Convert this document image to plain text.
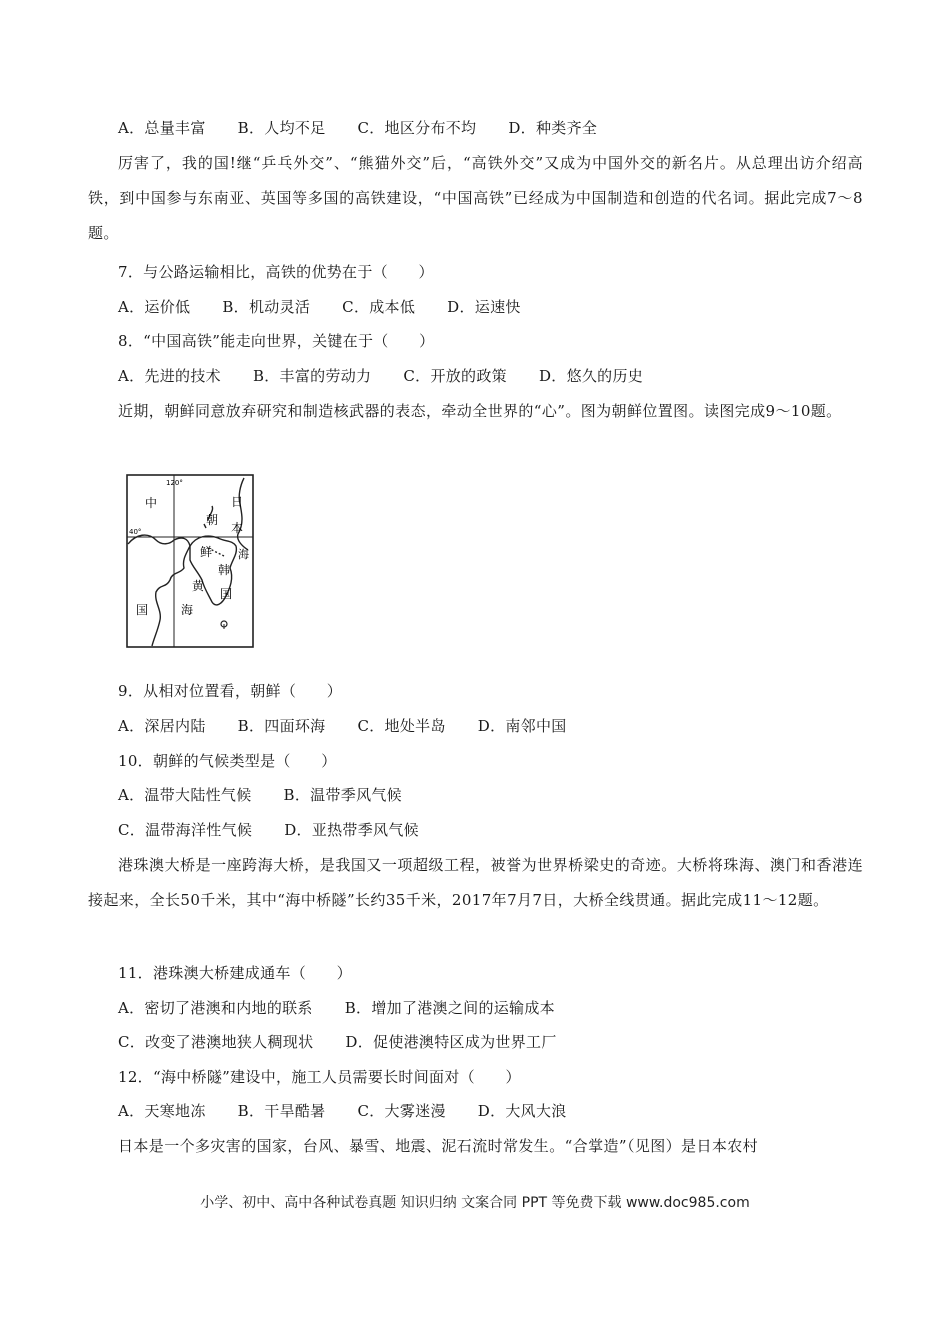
A．总量丰富 B．人均不足 C．地区分布不均 D．种类齐全
厉害了，我的国!继“乒乓外交”、“熊猫外交”后，“高铁外交”又成为中国外交的新名片。从总理出访介绍高铁，到中国参与东南亚、英国等多国的高铁建设，“中国高铁”已经成为中国制造和创造的代名词。据此完成7～8题。
7．与公路运输相比，高铁的优势在于（　　）
A．运价低 B．机动灵活 C．成本低 D．运速快
8．“中国高铁”能走向世界，关键在于（　　）
A．先进的技术 B．丰富的劳动力 C．开放的政策 D．悠久的历史
近期，朝鲜同意放弃研究和制造核武器的表态，牵动全世界的“心”。图为朝鲜位置图。读图完成9～10题。
120°
40°
中
国
朝
鲜
日
本
海
韩
国
黄
海
9．从相对位置看，朝鲜（　　）
A．深居内陆 B．四面环海 C．地处半岛 D．南邻中国
10．朝鲜的气候类型是（　　）
A．温带大陆性气候 B．温带季风气候
C．温带海洋性气候 D．亚热带季风气候
港珠澳大桥是一座跨海大桥，是我国又一项超级工程，被誉为世界桥梁史的奇迹。大桥将珠海、澳门和香港连接起来，全长50千米，其中“海中桥隧”长约35千米，2017年7月7日，大桥全线贯通。据此完成11～12题。
11．港珠澳大桥建成通车（　　）
A．密切了港澳和内地的联系 B．增加了港澳之间的运输成本
C．改变了港澳地狭人稠现状 D．促使港澳特区成为世界工厂
12．“海中桥隧”建设中，施工人员需要长时间面对（　　）
A．天寒地冻 B．干旱酷暑 C．大雾迷漫 D．大风大浪
日本是一个多灾害的国家，台风、暴雪、地震、泥石流时常发生。“合掌造”（见图）是日本农村
小学、初中、高中各种试卷真题 知识归纳 文案合同 PPT 等免费下载 www.doc985.com
